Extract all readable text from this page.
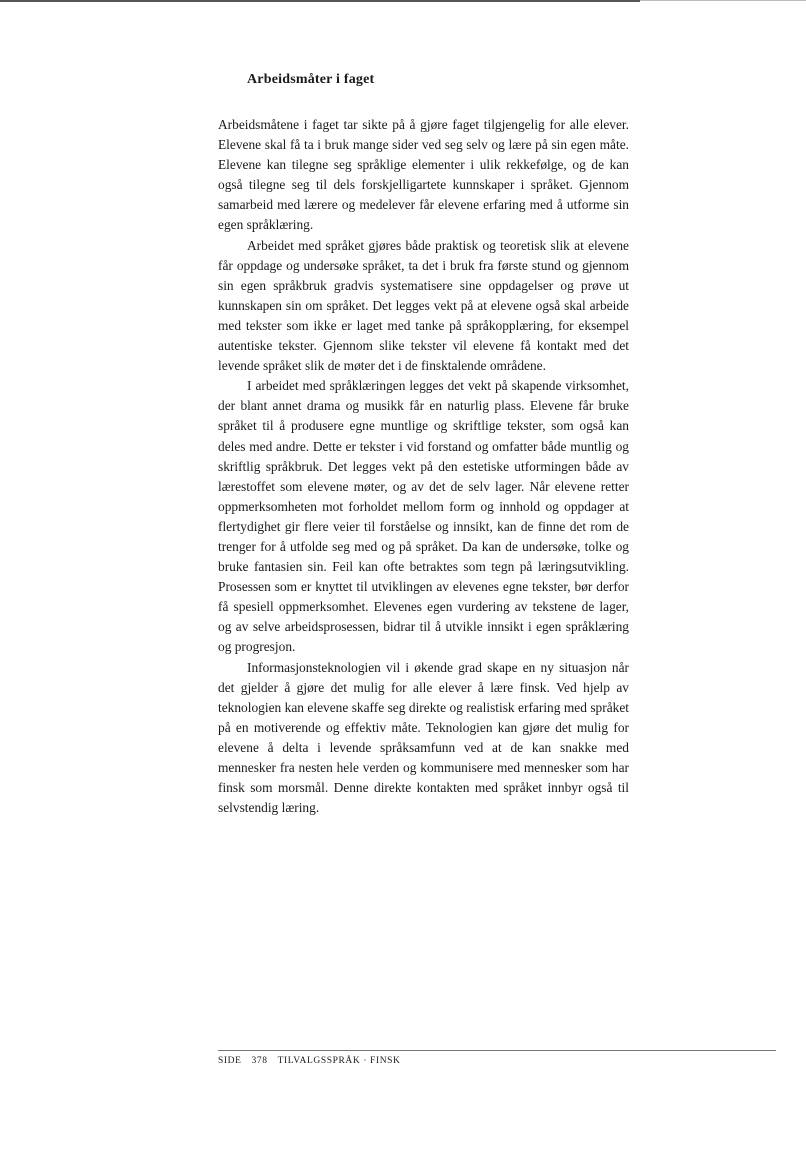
Arbeidsmåter i faget

Arbeidsmåtene i faget tar sikte på å gjøre faget tilgjengelig for alle elever. Elevene skal få ta i bruk mange sider ved seg selv og lære på sin egen måte. Elevene kan tilegne seg språklige elementer i ulik rekkefølge, og de kan også tilegne seg til dels forskjelligartete kunnskaper i språket. Gjennom samarbeid med lærere og medelever får elevene erfaring med å utforme sin egen språklæring.

Arbeidet med språket gjøres både praktisk og teoretisk slik at elevene får oppdage og undersøke språket, ta det i bruk fra første stund og gjennom sin egen språkbruk gradvis systematisere sine oppdagelser og prøve ut kunnskapen sin om språket. Det legges vekt på at elevene også skal arbeide med tekster som ikke er laget med tanke på språkopplæring, for eksempel autentiske tekster. Gjennom slike tekster vil elevene få kontakt med det levende språket slik de møter det i de finsktalende områdene.

I arbeidet med språklæringen legges det vekt på skapende virksomhet, der blant annet drama og musikk får en naturlig plass. Elevene får bruke språket til å produsere egne muntlige og skriftlige tekster, som også kan deles med andre. Dette er tekster i vid forstand og omfatter både muntlig og skriftlig språkbruk. Det legges vekt på den estetiske utformingen både av lærestoffet som elevene møter, og av det de selv lager. Når elevene retter oppmerksomheten mot forholdet mellom form og innhold og oppdager at flertydighet gir flere veier til forståelse og innsikt, kan de finne det rom de trenger for å utfolde seg med og på språket. Da kan de undersøke, tolke og bruke fantasien sin. Feil kan ofte betraktes som tegn på læringsutvikling. Prosessen som er knyttet til utviklingen av elevenes egne tekster, bør derfor få spesiell oppmerksomhet. Elevenes egen vurdering av tekstene de lager, og av selve arbeidsprosessen, bidrar til å utvikle innsikt i egen språklæring og progresjon.

Informasjonsteknologien vil i økende grad skape en ny situasjon når det gjelder å gjøre det mulig for alle elever å lære finsk. Ved hjelp av teknologien kan elevene skaffe seg direkte og realistisk erfaring med språket på en motiverende og effektiv måte. Teknologien kan gjøre det mulig for elevene å delta i levende språksamfunn ved at de kan snakke med mennesker fra nesten hele verden og kommunisere med mennesker som har finsk som morsmål. Denne direkte kontakten med språket innbyr også til selvstendig læring.

SIDE 378 TILVALGSSPRÅK · FINSK
